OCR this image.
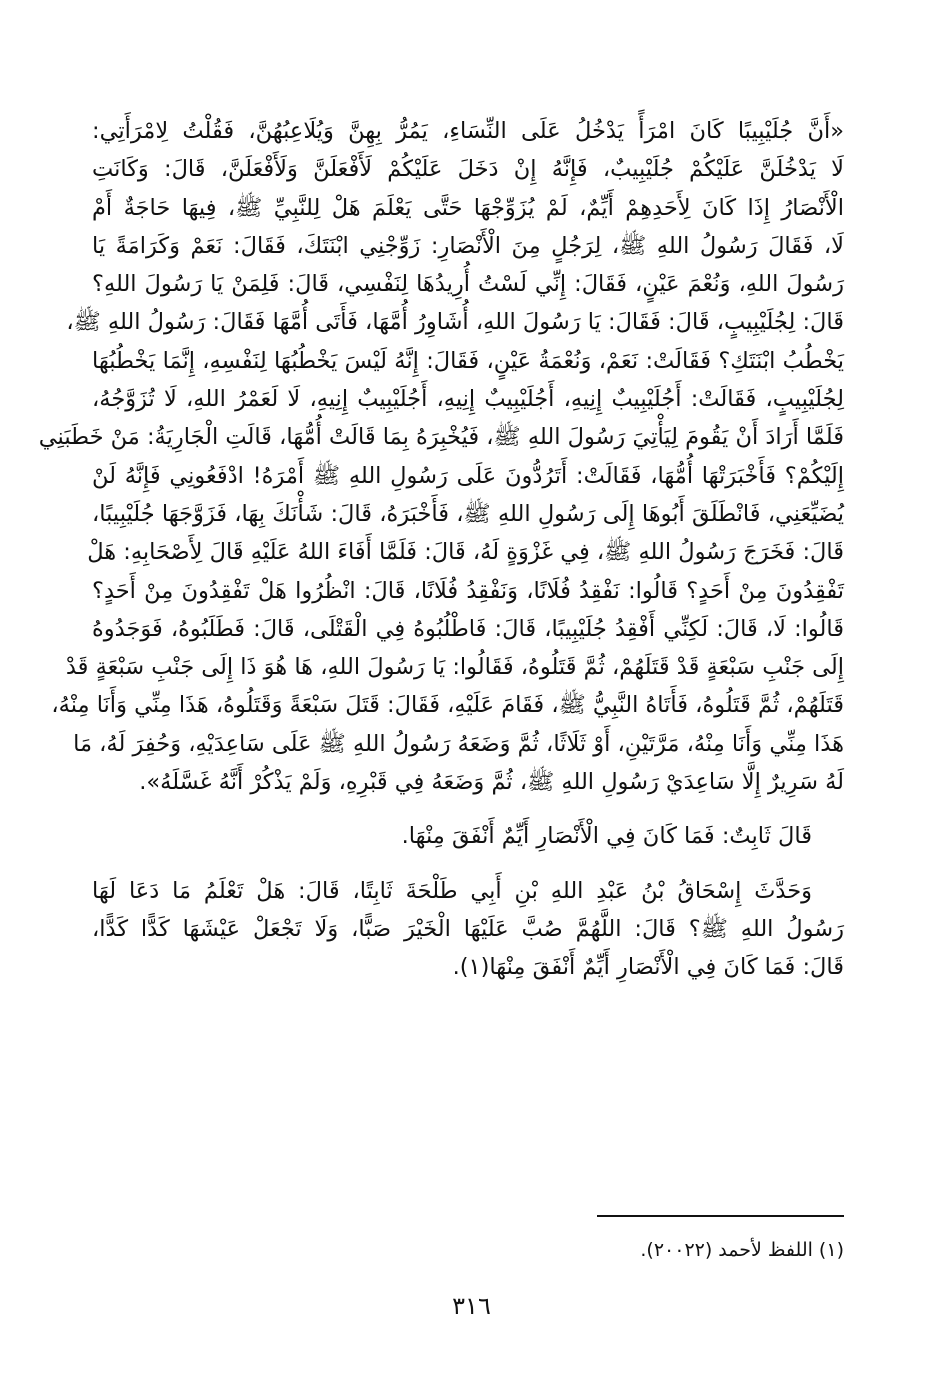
«أَنَّ جُلَيْبِيبًا كَانَ امْرَأً يَدْخُلُ عَلَى النِّسَاءِ، يَمُرُّ بِهِنَّ وَيُلَاعِبُهُنَّ، فَقُلْتُ لِامْرَأَتِي:
لَا يَدْخُلَنَّ عَلَيْكُمْ جُلَيْبِيبٌ، فَإِنَّهُ إِنْ دَخَلَ عَلَيْكُمْ لَأَفْعَلَنَّ وَلَأَفْعَلَنَّ، قَالَ: وَكَانَتِ
الْأَنْصَارُ إِذَا كَانَ لِأَحَدِهِمْ أَيِّمٌ، لَمْ يُزَوِّجْهَا حَتَّى يَعْلَمَ هَلْ لِلنَّبِيِّ ﷺ، فِيهَا حَاجَةٌ أَمْ
لَا، فَقَالَ رَسُولُ اللهِ ﷺ، لِرَجُلٍ مِنَ الْأَنْصَارِ: زَوِّجْنِي ابْنَتَكَ، فَقَالَ: نَعَمْ وَكَرَامَةً يَا
رَسُولَ اللهِ، وَنُعْمَ عَيْنٍ، فَقَالَ: إِنِّي لَسْتُ أُرِيدُهَا لِنَفْسِي، قَالَ: فَلِمَنْ يَا رَسُولَ اللهِ؟
قَالَ: لِجُلَيْبِيبٍ، قَالَ: فَقَالَ: يَا رَسُولَ اللهِ، أُشَاوِرُ أُمَّهَا، فَأَتَى أُمَّهَا فَقَالَ: رَسُولُ اللهِ ﷺ،
يَخْطُبُ ابْنَتَكِ؟ فَقَالَتْ: نَعَمْ، وَنُعْمَةُ عَيْنٍ، فَقَالَ: إِنَّهُ لَيْسَ يَخْطُبُهَا لِنَفْسِهِ، إِنَّمَا يَخْطُبُهَا
لِجُلَيْبِيبٍ، فَقَالَتْ: أَجُلَيْبِيبٌ إِنِيهِ، أَجُلَيْبِيبٌ إِنِيهِ، أَجُلَيْبِيبٌ إِنِيهِ، لَا لَعَمْرُ اللهِ، لَا تُزَوَّجُهُ،
فَلَمَّا أَرَادَ أَنْ يَقُومَ لِيَأْتِيَ رَسُولَ اللهِ ﷺ، فَيُخْبِرَهُ بِمَا قَالَتْ أُمُّهَا، قَالَتِ الْجَارِيَةُ: مَنْ خَطَبَنِي
إِلَيْكُمْ؟ فَأَخْبَرَتْهَا أُمُّهَا، فَقَالَتْ: أَتَرُدُّونَ عَلَى رَسُولِ اللهِ ﷺ أَمْرَهُ! ادْفَعُونِي فَإِنَّهُ لَنْ
يُضَيِّعَنِي، فَانْطَلَقَ أَبُوهَا إِلَى رَسُولِ اللهِ ﷺ، فَأَخْبَرَهُ، قَالَ: شَأْنَكَ بِهَا، فَزَوَّجَهَا جُلَيْبِيبًا،
قَالَ: فَخَرَجَ رَسُولُ اللهِ ﷺ، فِي غَزْوَةٍ لَهُ، قَالَ: فَلَمَّا أَفَاءَ اللهُ عَلَيْهِ قَالَ لِأَصْحَابِهِ: هَلْ
تَفْقِدُونَ مِنْ أَحَدٍ؟ قَالُوا: نَفْقِدُ فُلَانًا، وَنَفْقِدُ فُلَانًا، قَالَ: انْظُرُوا هَلْ تَفْقِدُونَ مِنْ أَحَدٍ؟
قَالُوا: لَا، قَالَ: لَكِنِّي أَفْقِدُ جُلَيْبِيبًا، قَالَ: فَاطْلُبُوهُ فِي الْقَتْلَى، قَالَ: فَطَلَبُوهُ، فَوَجَدُوهُ
إِلَى جَنْبِ سَبْعَةٍ قَدْ قَتَلَهُمْ، ثُمَّ قَتَلُوهُ، فَقَالُوا: يَا رَسُولَ اللهِ، هَا هُوَ ذَا إِلَى جَنْبِ سَبْعَةٍ قَدْ
قَتَلَهُمْ، ثُمَّ قَتَلُوهُ، فَأَتَاهُ النَّبِيُّ ﷺ، فَقَامَ عَلَيْهِ، فَقَالَ: قَتَلَ سَبْعَةً وَقَتَلُوهُ، هَذَا مِنِّي وَأَنَا مِنْهُ،
هَذَا مِنِّي وَأَنَا مِنْهُ، مَرَّتَيْنِ، أَوْ ثَلَاثًا، ثُمَّ وَضَعَهُ رَسُولُ اللهِ ﷺ عَلَى سَاعِدَيْهِ، وَحُفِرَ لَهُ، مَا
لَهُ سَرِيرٌ إِلَّا سَاعِدَيْ رَسُولِ اللهِ ﷺ، ثُمَّ وَضَعَهُ فِي قَبْرِهِ، وَلَمْ يَذْكُرْ أَنَّهُ غَسَّلَهُ».
قَالَ ثَابِتٌ: فَمَا كَانَ فِي الْأَنْصَارِ أَيِّمٌ أَنْفَقَ مِنْهَا.
وَحَدَّثَ إِسْحَاقُ بْنُ عَبْدِ اللهِ بْنِ أَبِي طَلْحَةَ ثَابِتًا، قَالَ: هَلْ تَعْلَمُ مَا دَعَا لَهَا
رَسُولُ اللهِ ﷺ؟ قَالَ: اللَّهُمَّ صُبَّ عَلَيْهَا الْخَيْرَ صَبًّا، وَلَا تَجْعَلْ عَيْشَهَا كَدًّا كَدًّا،
قَالَ: فَمَا كَانَ فِي الْأَنْصَارِ أَيِّمٌ أَنْفَقَ مِنْهَا(١).
(١) اللفظ لأحمد (٢٠٠٢٢).
٣١٦
